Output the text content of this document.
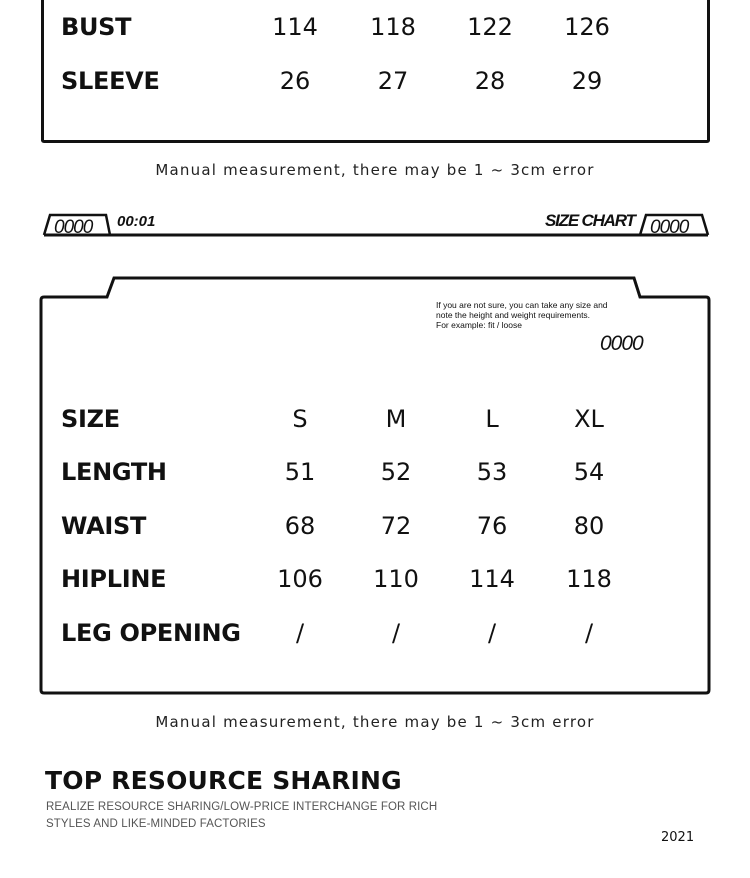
BUST	114	118	122	126
SLEEVE	26	27	28	29
Manual measurement, there may be 1 ~ 3cm error
0000 00:01	SIZE CHART 0000
If you are not sure, you can take any size and
note the height and weight requirements.
For example: fit / loose
0000
SIZE	S	M	L	XL
LENGTH	51	52	53	54
WAIST	68	72	76	80
HIPLINE	106	110	114	118
LEG OPENING	/	/	/	/
Manual measurement, there may be 1 ~ 3cm error
TOP RESOURCE SHARING
REALIZE RESOURCE SHARING/LOW-PRICE INTERCHANGE FOR RICH
STYLES AND LIKE-MINDED FACTORIES
2021
